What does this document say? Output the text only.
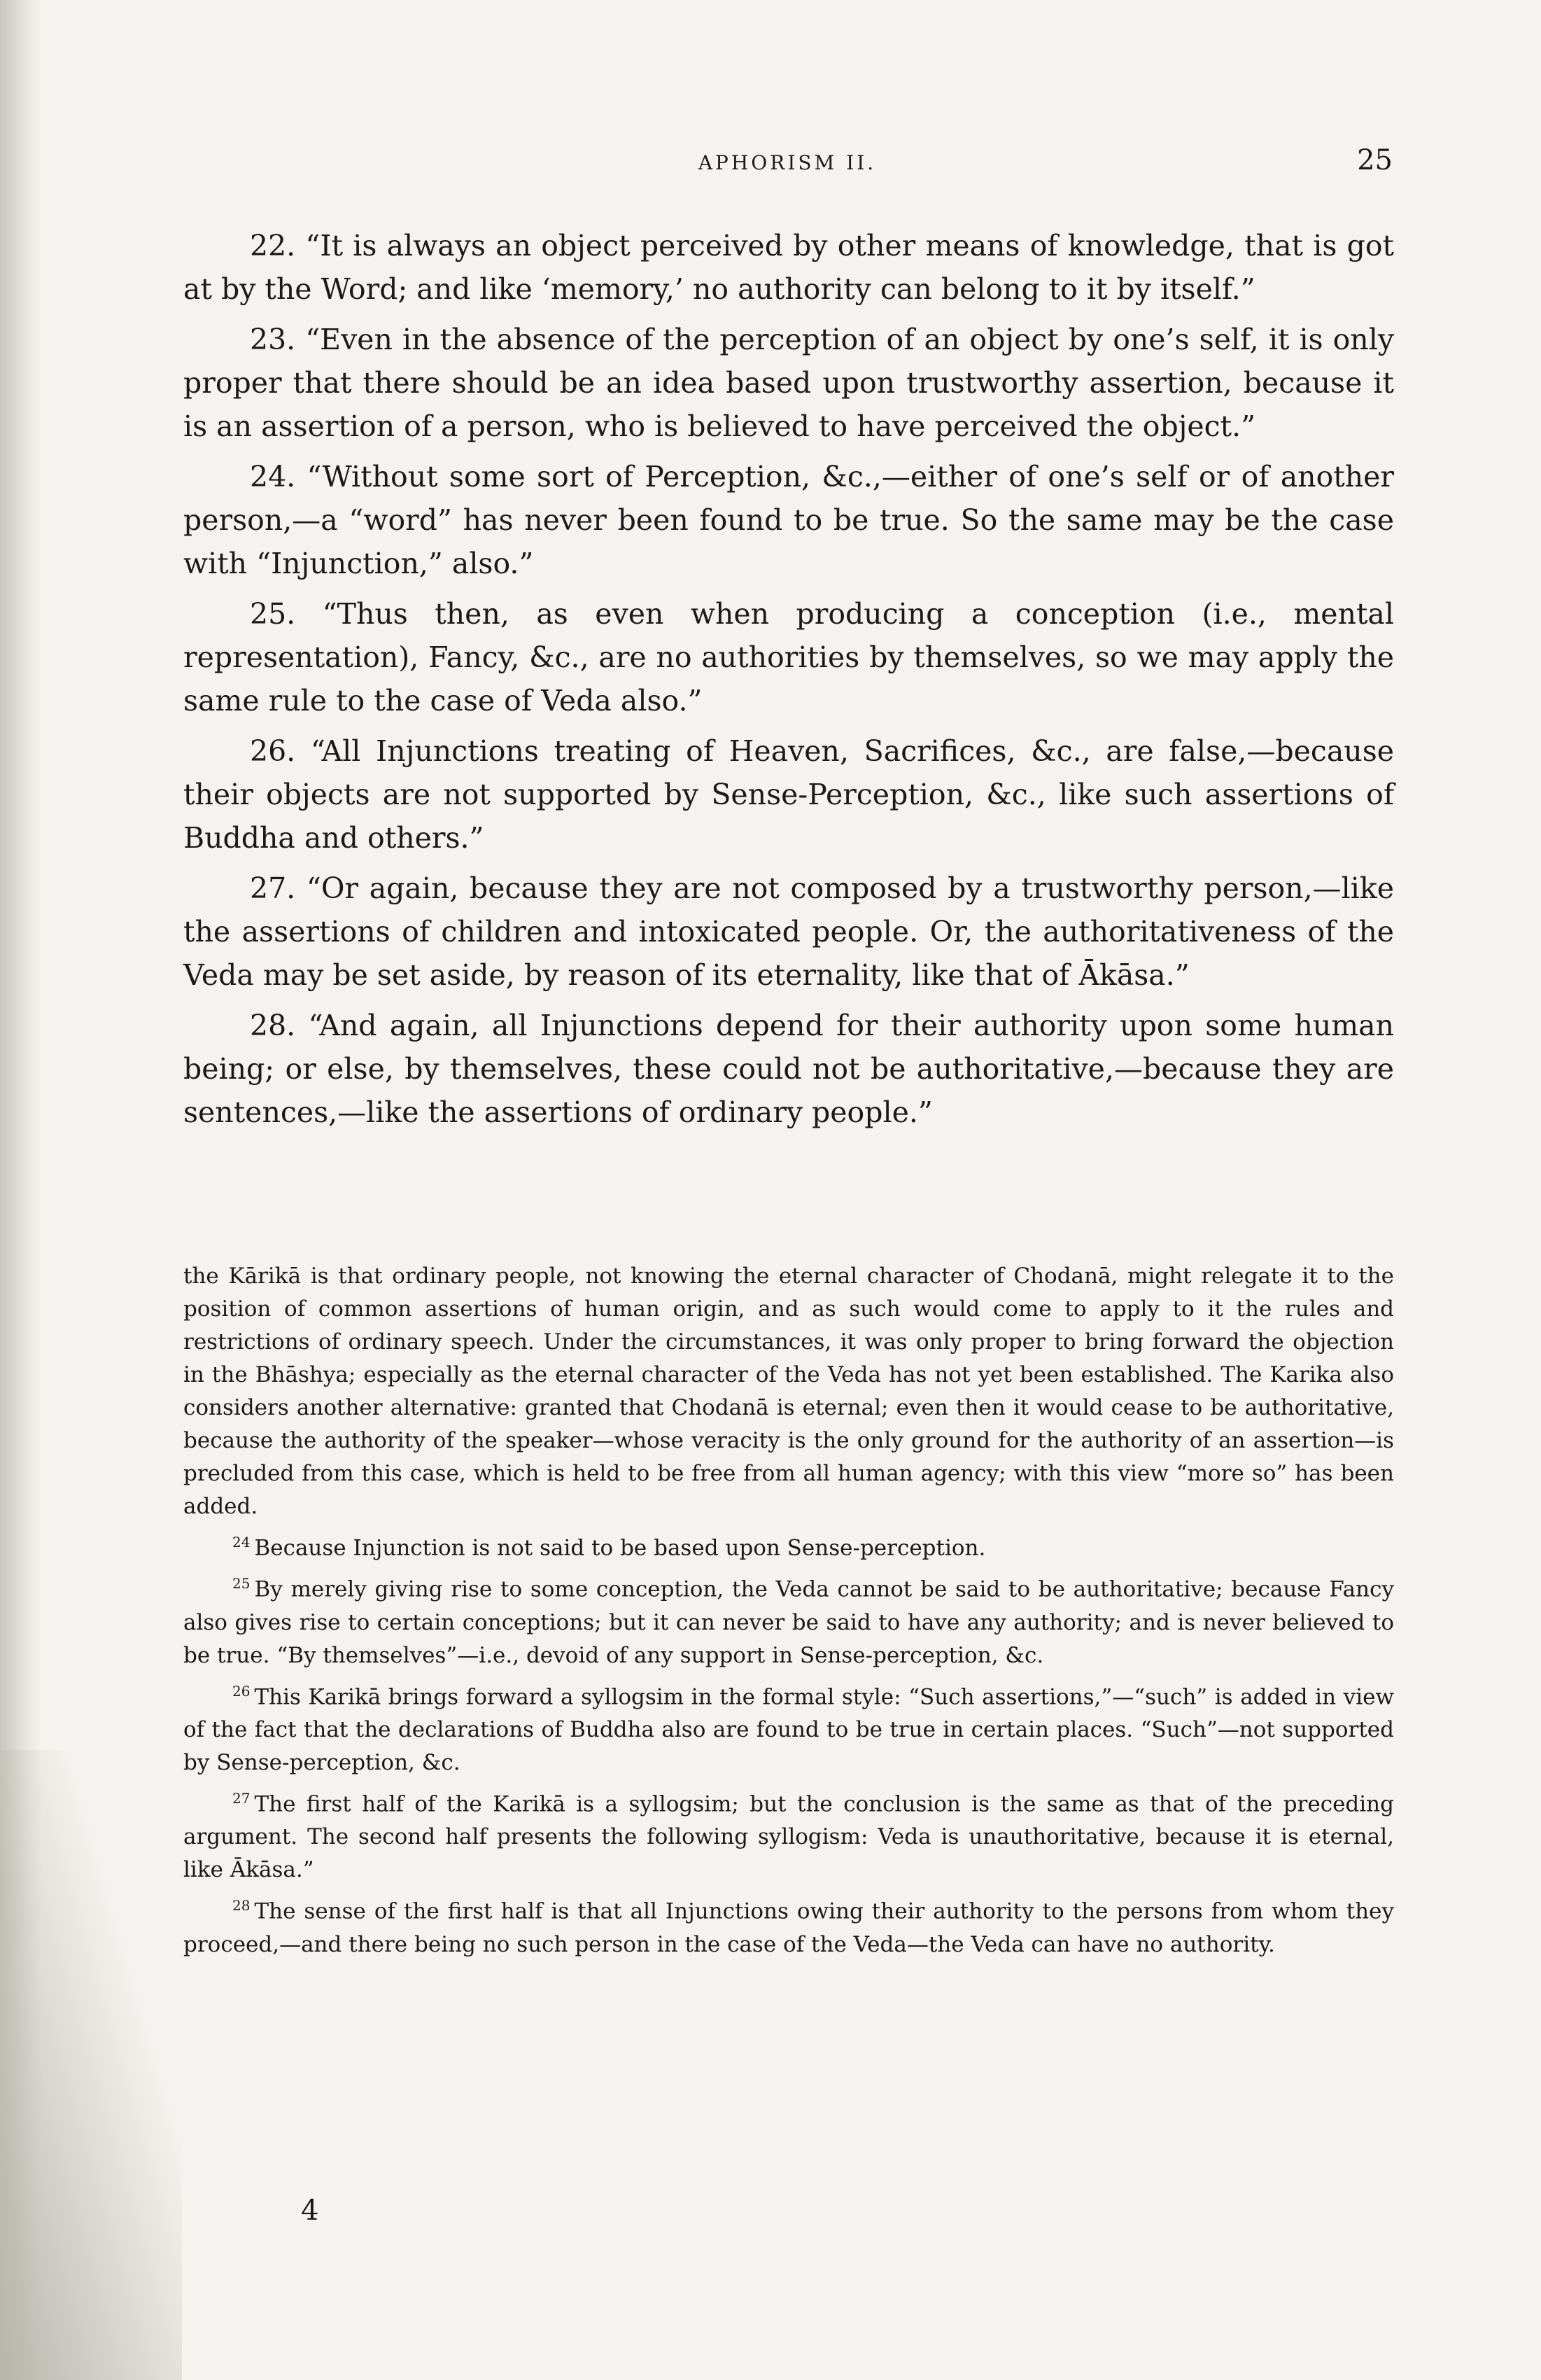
APHORISM II.	25

22. “It is always an object perceived by other means of knowledge, that is got at by the Word; and like ‘memory,’ no authority can belong to it by itself.”

23. “Even in the absence of the perception of an object by one’s self, it is only proper that there should be an idea based upon trustworthy assertion, because it is an assertion of a person, who is believed to have perceived the object.”

24. “Without some sort of Perception, &c.,—either of one’s self or of another person,—a “word” has never been found to be true. So the same may be the case with “Injunction,” also.”

25. “Thus then, as even when producing a conception (i.e., mental representation), Fancy, &c., are no authorities by themselves, so we may apply the same rule to the case of Veda also.”

26. “All Injunctions treating of Heaven, Sacrifices, &c., are false,—because their objects are not supported by Sense-Perception, &c., like such assertions of Buddha and others.”

27. “Or again, because they are not composed by a trustworthy person,—like the assertions of children and intoxicated people. Or, the authoritativeness of the Veda may be set aside, by reason of its eternality, like that of Ākāsa.”

28. “And again, all Injunctions depend for their authority upon some human being; or else, by themselves, these could not be authoritative,—because they are sentences,—like the assertions of ordinary people.”

the Kārikā is that ordinary people, not knowing the eternal character of Chodanā, might relegate it to the position of common assertions of human origin, and as such would come to apply to it the rules and restrictions of ordinary speech. Under the circumstances, it was only proper to bring forward the objection in the Bhāshya; especially as the eternal character of the Veda has not yet been established. The Karika also considers another alternative: granted that Chodanā is eternal; even then it would cease to be authoritative, because the authority of the speaker—whose veracity is the only ground for the authority of an assertion—is precluded from this case, which is held to be free from all human agency; with this view “more so” has been added.

$^{24}$ Because Injunction is not said to be based upon Sense-perception.

$^{25}$ By merely giving rise to some conception, the Veda cannot be said to be authoritative; because Fancy also gives rise to certain conceptions; but it can never be said to have any authority; and is never believed to be true. “By themselves”—i.e., devoid of any support in Sense-perception, &c.

$^{26}$ This Karikā brings forward a syllogsim in the formal style: “Such assertions,”—“such” is added in view of the fact that the declarations of Buddha also are found to be true in certain places. “Such”—not supported by Sense-perception, &c.

$^{27}$ The first half of the Karikā is a syllogsim; but the conclusion is the same as that of the preceding argument. The second half presents the following syllogism: Veda is unauthoritative, because it is eternal, like Ākāsa.”

$^{28}$ The sense of the first half is that all Injunctions owing their authority to the persons from whom they proceed,—and there being no such person in the case of the Veda—the Veda can have no authority.

4
